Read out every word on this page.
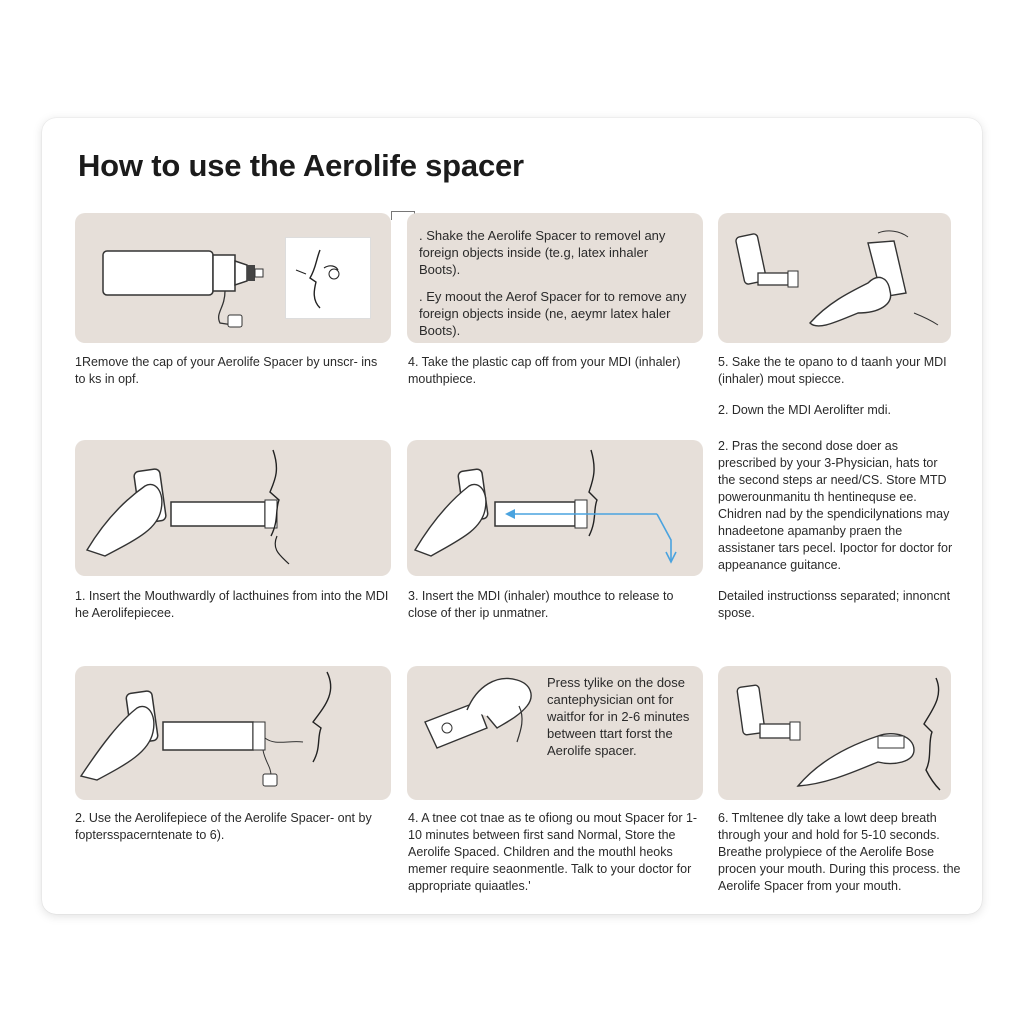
How to use the Aerolife spacer

. Shake the Aerolife Spacer to removel any foreign objects inside (te.g, latex inhaler Boots).

. Ey moout the Aerof Spacer for to remove any foreign objects inside (ne, aeymr latex haler Boots).

1Remove the cap of your Aerolife Spacer by unscr- ins to ks in opf.

4. Take the plastic cap off from your MDI (inhaler) mouthpiece.

5. Sake the te opano to d taanh your MDI (inhaler) mout spiecce.

2. Down the MDI Aerolifter mdi.

1. Insert the Mouthwardly of lacthuines from into the MDI he Aerolifepiecee.

3. Insert the MDI (inhaler) mouthce to release to close of ther ip unmatner.

2. Pras the second dose doer as prescribed by your 3-Physician, hats tor the second steps ar need/CS. Store MTD powerounmanitu th hentinequse ee. Chidren nad by the spendicilynations may hnadeetone apamanby praen the assistaner tars pecel. Ipoctor for doctor for appeanance guitance.

Detailed instructionss separated; innoncnt spose.

Press tylike on the dose cantephysician ont for waitfor for in 2-6 minutes between ttart forst the Aerolife spacer.

2. Use the Aerolifepiece of the Aerolife Spacer- ont by foptersspacerntenate to 6).

4. A tnee cot tnae as te ofiong ou mout Spacer for 1-10 minutes between first sand Normal, Store the Aerolife Spaced. Children and the mouthl heoks memer require seaonmentle. Talk to your doctor for appropriate quiaatles.'

6. Tmltenee dly take a lowt deep breath through your and hold for 5-10 seconds. Breathe prolypiece of the Aerolife Bose procen your mouth. During this process. the Aerolife Spacer from your mouth.
